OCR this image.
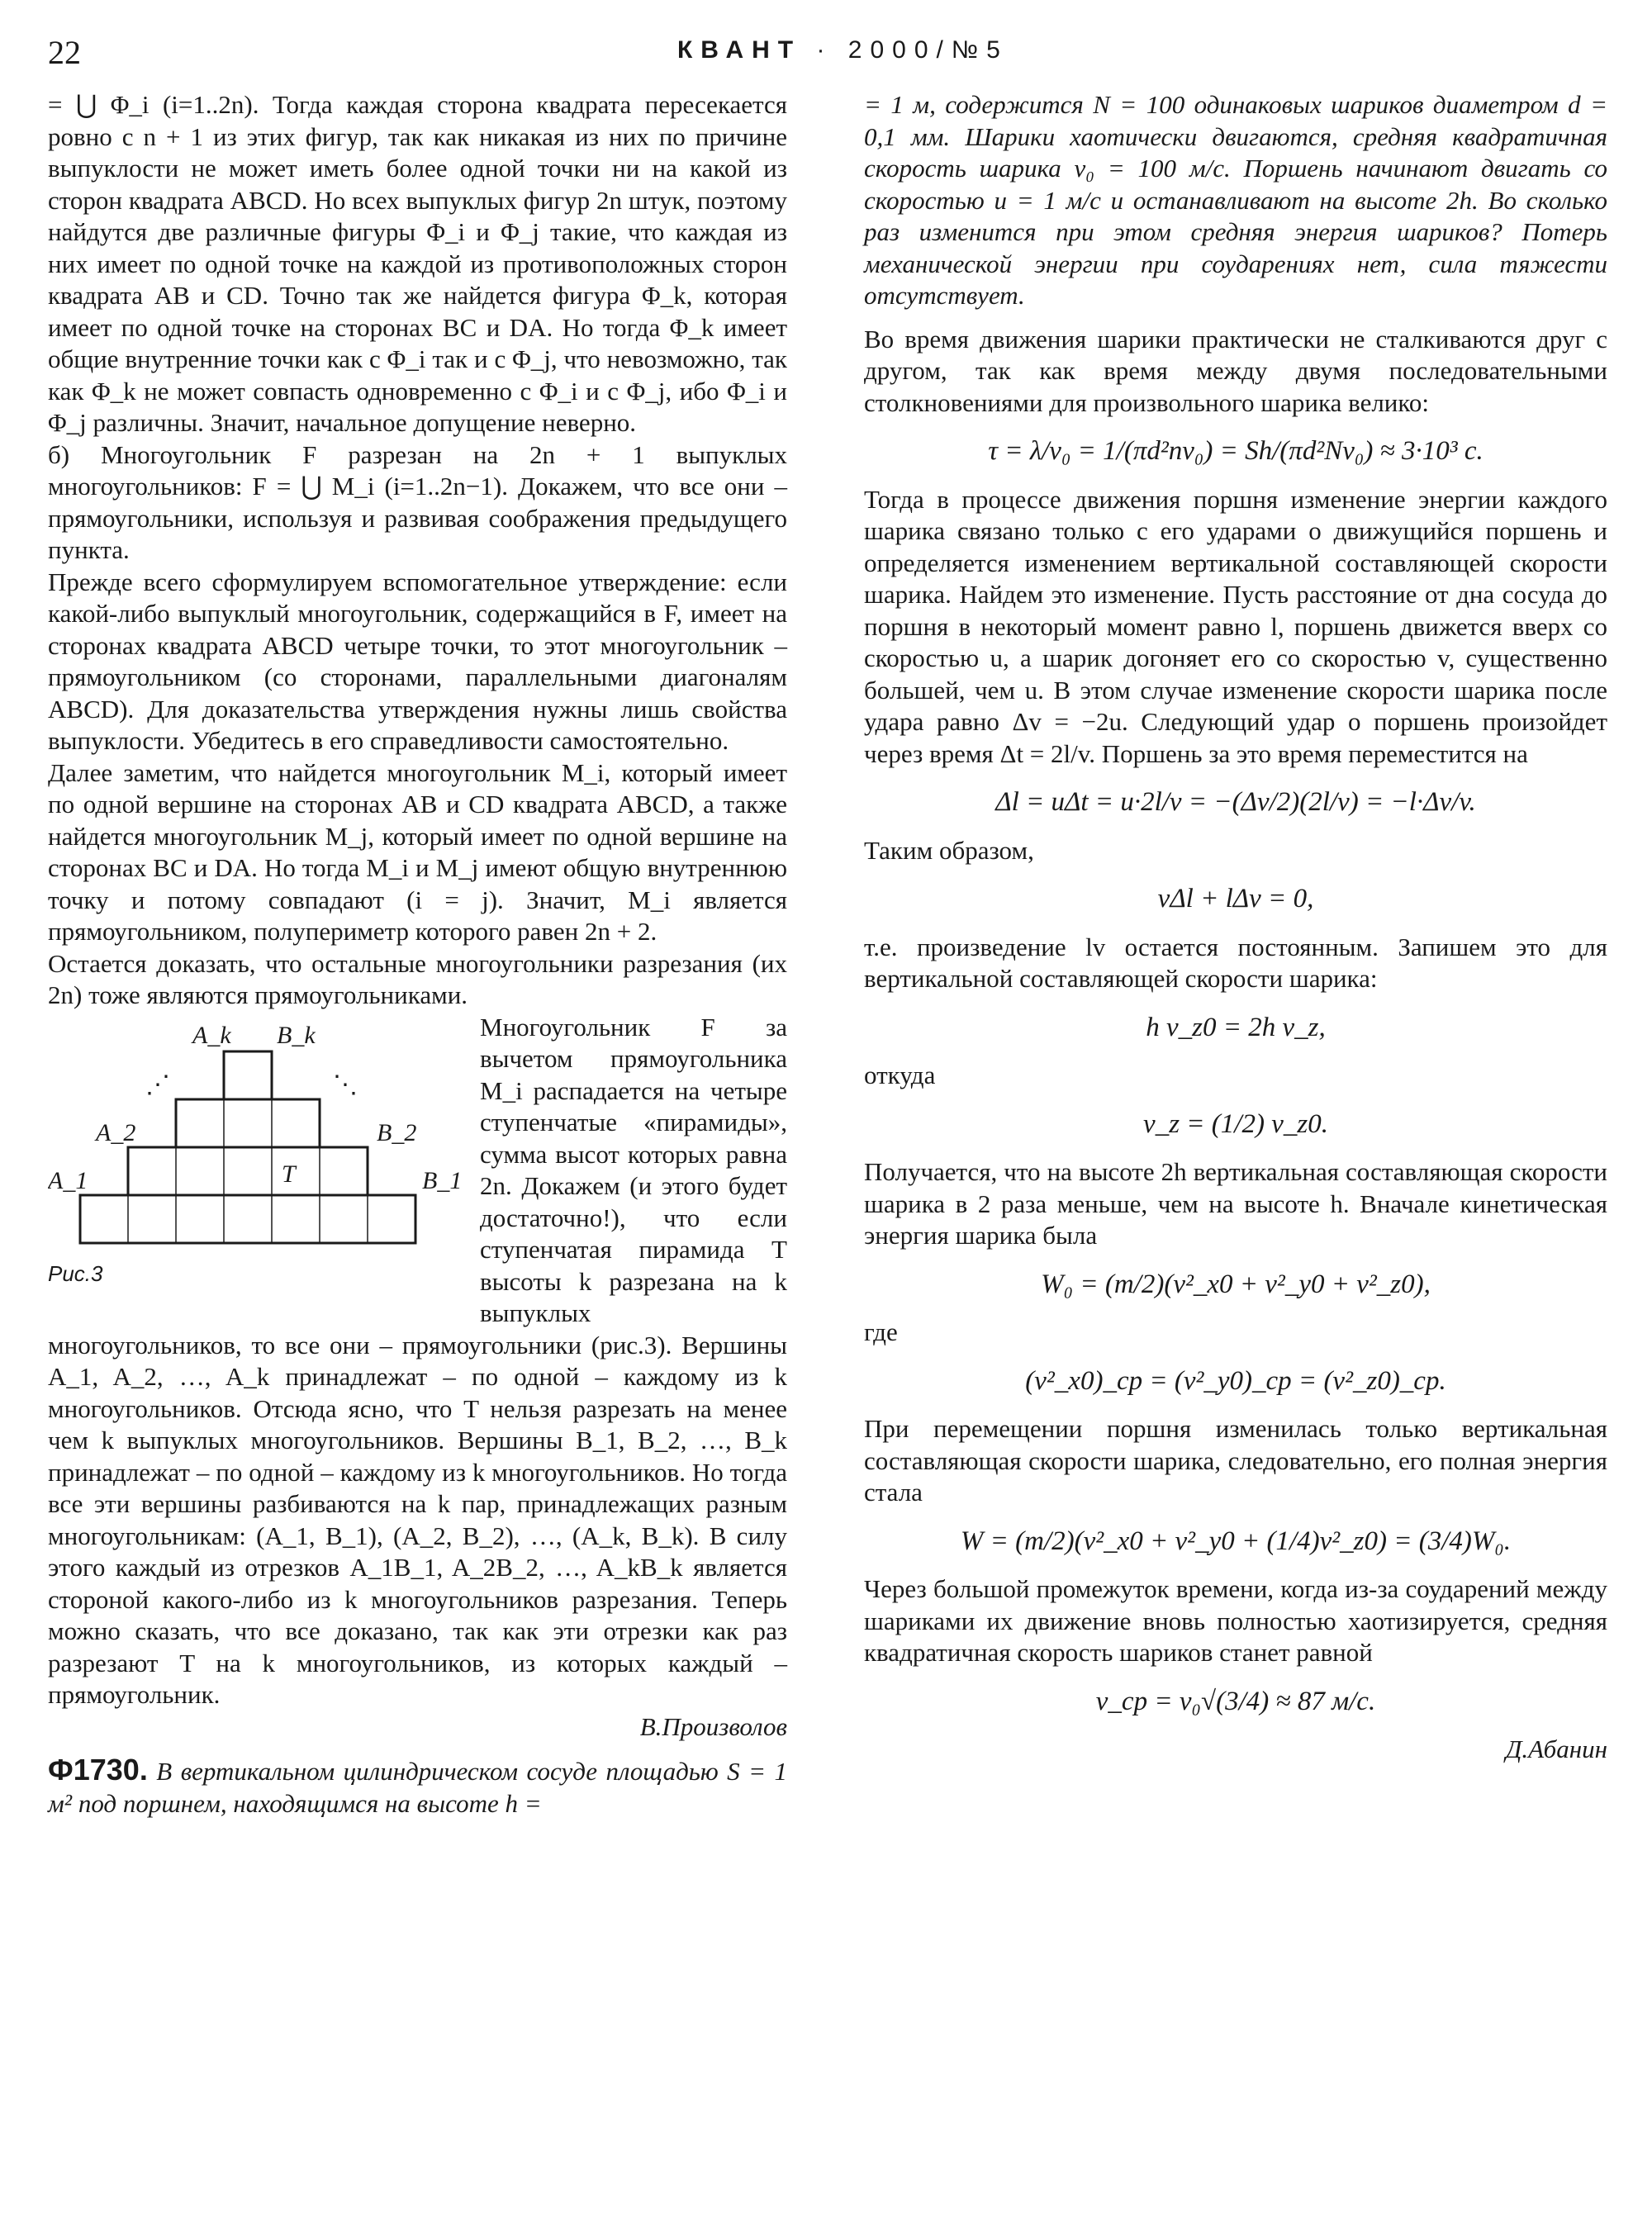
22	КВАНТ · 2000/№5

= ⋃ Φ_i (i=1..2n). Тогда каждая сторона квадрата пересекается ровно с n + 1 из этих фигур, так как никакая из них по причине выпуклости не может иметь более одной точки ни на какой из сторон квадрата ABCD. Но всех выпуклых фигур 2n штук, поэтому найдутся две различные фигуры Φ_i и Φ_j такие, что каждая из них имеет по одной точке на каждой из противоположных сторон квадрата AB и CD. Точно так же найдется фигура Φ_k, которая имеет по одной точке на сторонах BC и DA. Но тогда Φ_k имеет общие внутренние точки как с Φ_i так и с Φ_j, что невозможно, так как Φ_k не может совпасть одновременно с Φ_i и с Φ_j, ибо Φ_i и Φ_j различны. Значит, начальное допущение неверно.

б) Многоугольник F разрезан на 2n + 1 выпуклых многоугольников: F = ⋃ M_i (i=1..2n−1). Докажем, что все они – прямоугольники, используя и развивая соображения предыдущего пункта.

Прежде всего сформулируем вспомогательное утверждение: если какой-либо выпуклый многоугольник, содержащийся в F, имеет на сторонах квадрата ABCD четыре точки, то этот многоугольник – прямоугольником (со сторонами, параллельными диагоналям ABCD). Для доказательства утверждения нужны лишь свойства выпуклости. Убедитесь в его справедливости самостоятельно.

Далее заметим, что найдется многоугольник M_i, который имеет по одной вершине на сторонах AB и CD квадрата ABCD, а также найдется многоугольник M_j, который имеет по одной вершине на сторонах BC и DA. Но тогда M_i и M_j имеют общую внутреннюю точку и потому совпадают (i = j). Значит, M_i является прямоугольником, полупериметр которого равен 2n + 2.

Остается доказать, что остальные многоугольники разрезания (их 2n) тоже являются прямоугольниками.

A_k B_k
⋰	⋱
A_2	B_2
A_1	B_1
T
Рис.3

Многоугольник F за вычетом прямоугольника M_i распадается на четыре ступенчатые «пирамиды», сумма высот которых равна 2n. Докажем (и этого будет достаточно!), что если ступенчатая пирамида T высоты k разрезана на k выпуклых многоугольников, то все они – прямоугольники (рис.3). Вершины A_1, A_2, …, A_k принадлежат – по одной – каждому из k многоугольников. Отсюда ясно, что T нельзя разрезать на менее чем k выпуклых многоугольников. Вершины B_1, B_2, …, B_k принадлежат – по одной – каждому из k многоугольников. Но тогда все эти вершины разбиваются на k пар, принадлежащих разным многоугольникам: (A_1, B_1), (A_2, B_2), …, (A_k, B_k). В силу этого каждый из отрезков A_1B_1, A_2B_2, …, A_kB_k является стороной какого-либо из k многоугольников разрезания. Теперь можно сказать, что все доказано, так как эти отрезки как раз разрезают T на k многоугольников, из которых каждый – прямоугольник.

В.Произволов

Ф1730. В вертикальном цилиндрическом сосуде площадью S = 1 м² под поршнем, находящимся на высоте h =

= 1 м, содержится N = 100 одинаковых шариков диаметром d = 0,1 мм. Шарики хаотически двигаются, средняя квадратичная скорость шарика v₀ = 100 м/с. Поршень начинают двигать со скоростью u = 1 м/с и останавливают на высоте 2h. Во сколько раз изменится при этом средняя энергия шариков? Потерь механической энергии при соударениях нет, сила тяжести отсутствует.

Во время движения шарики практически не сталкиваются друг с другом, так как время между двумя последовательными столкновениями для произвольного шарика велико:

τ = λ/v₀ = 1/(πd²nv₀) = Sh/(πd²Nv₀) ≈ 3·10³ с.

Тогда в процессе движения поршня изменение энергии каждого шарика связано только с его ударами о движущийся поршень и определяется изменением вертикальной составляющей скорости шарика. Найдем это изменение. Пусть расстояние от дна сосуда до поршня в некоторый момент равно l, поршень движется вверх со скоростью u, а шарик догоняет его со скоростью v, существенно большей, чем u. В этом случае изменение скорости шарика после удара равно Δv = −2u. Следующий удар о поршень произойдет через время Δt = 2l/v. Поршень за это время переместится на

Δl = uΔt = u·2l/v = −(Δv/2)(2l/v) = −l·Δv/v.

Таким образом,

vΔl + lΔv = 0,

т.е. произведение lv остается постоянным. Запишем это для вертикальной составляющей скорости шарика:

h v_z0 = 2h v_z,

откуда

v_z = (1/2) v_z0.

Получается, что на высоте 2h вертикальная составляющая скорости шарика в 2 раза меньше, чем на высоте h. Вначале кинетическая энергия шарика была

W₀ = (m/2)(v²_x0 + v²_y0 + v²_z0),

где

(v²_x0)_ср = (v²_y0)_ср = (v²_z0)_ср.

При перемещении поршня изменилась только вертикальная составляющая скорости шарика, следовательно, его полная энергия стала

W = (m/2)(v²_x0 + v²_y0 + (1/4)v²_z0) = (3/4)W₀.

Через большой промежуток времени, когда из-за соударений между шариками их движение вновь полностью хаотизируется, средняя квадратичная скорость шариков станет равной

v_ср = v₀√(3/4) ≈ 87 м/с.

Д.Абанин
